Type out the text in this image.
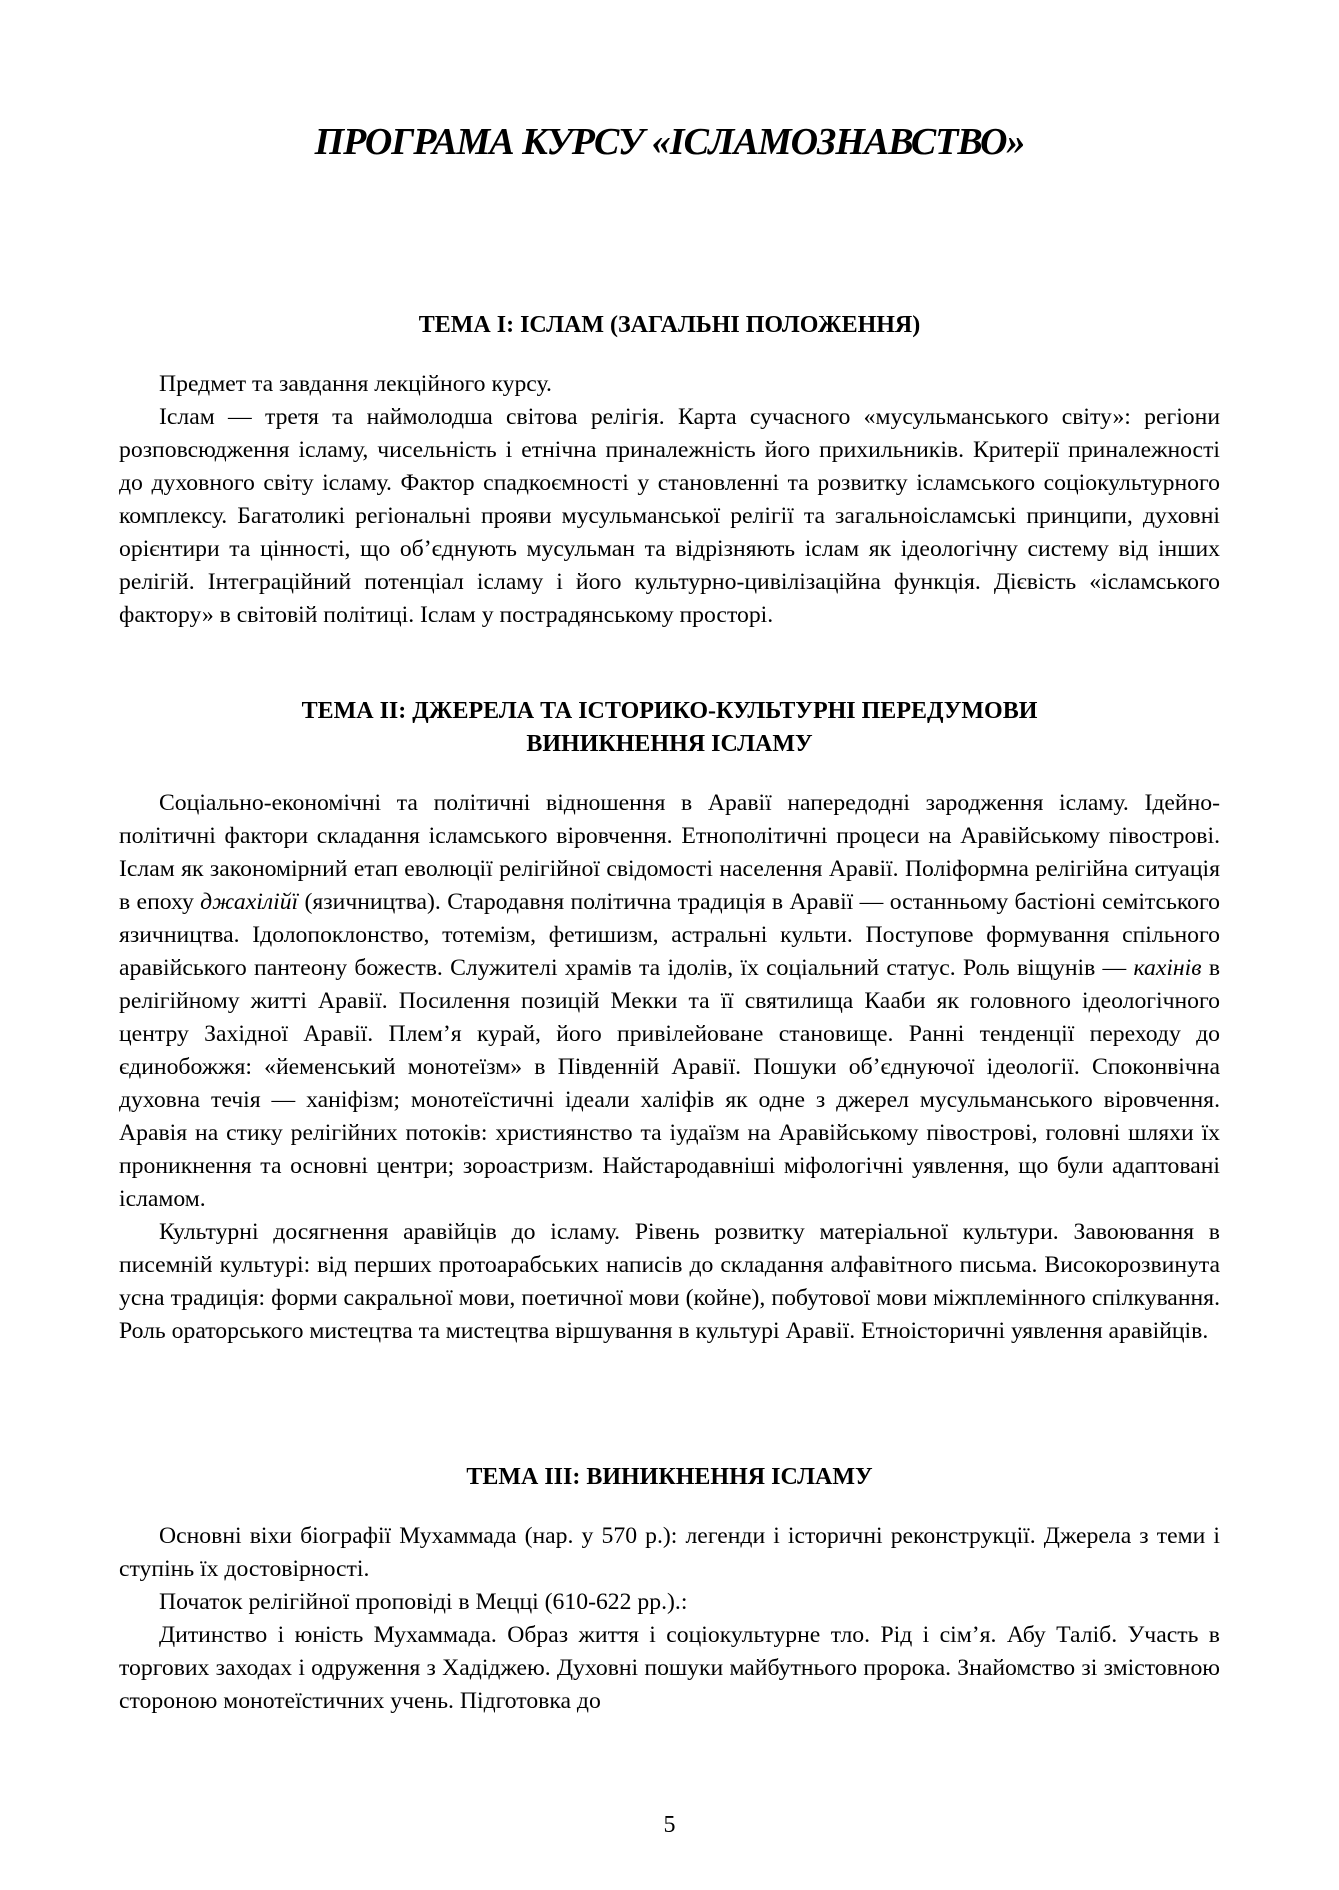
ПРОГРАМА КУРСУ «ІСЛАМОЗНАВСТВО»
ТЕМА І: ІСЛАМ (ЗАГАЛЬНІ ПОЛОЖЕННЯ)

Предмет та завдання лекційного курсу.

Іслам — третя та наймолодша світова релігія. Карта сучасного «мусульманського світу»: регіони розповсюдження ісламу, чисельність і етнічна приналежність його прихильників. Критерії приналежності до духовного світу ісламу. Фактор спадкоємності у становленні та розвитку ісламського соціокультурного комплексу. Багатоликі регіональні прояви мусульманської релігії та загальноісламські принципи, духовні орієнтири та цінності, що об’єднують мусульман та відрізняють іслам як ідеологічну систему від інших релігій. Інтеграційний потенціал ісламу і його культурно-цивілізаційна функція. Дієвість «ісламського фактору» в світовій політиці. Іслам у пострадянському просторі.

ТЕМА ІІ: ДЖЕРЕЛА ТА ІСТОРИКО-КУЛЬТУРНІ ПЕРЕДУМОВИ
ВИНИКНЕННЯ ІСЛАМУ

Соціально-економічні та політичні відношення в Аравії напередодні зародження ісламу. Ідейно-політичні фактори складання ісламського віровчення. Етнополітичні процеси на Аравійському півострові. Іслам як закономірний етап еволюції релігійної свідомості населення Аравії. Поліформна релігійна ситуація в епоху джахілійї (язичництва). Стародавня політична традиція в Аравії — останньому бастіоні семітського язичництва. Ідолопоклонство, тотемізм, фетишизм, астральні культи. Поступове формування спільного аравійського пантеону божеств. Служителі храмів та ідолів, їх соціальний статус. Роль віщунів — кахінів в релігійному житті Аравії. Посилення позицій Мекки та її святилища Кааби як головного ідеологічного центру Західної Аравії. Плем’я курай, його привілейоване становище. Ранні тенденції переходу до єдинобожжя: «йеменський монотеїзм» в Південній Аравії. Пошуки об’єднуючої ідеології. Споконвічна духовна течія — ханіфізм; монотеїстичні ідеали халіфів як одне з джерел мусульманського віровчення. Аравія на стику релігійних потоків: християнство та іудаїзм на Аравійському півострові, головні шляхи їх проникнення та основні центри; зороастризм. Найстародавніші міфологічні уявлення, що були адаптовані ісламом.

Культурні досягнення аравійців до ісламу. Рівень розвитку матеріальної культури. Завоювання в писемній культурі: від перших протоарабських написів до складання алфавітного письма. Високорозвинута усна традиція: форми сакральної мови, поетичної мови (койне), побутової мови міжплемінного спілкування. Роль ораторського мистецтва та мистецтва віршування в культурі Аравії. Етноісторичні уявлення аравійців.

ТЕМА ІІІ: ВИНИКНЕННЯ ІСЛАМУ

Основні віхи біографії Мухаммада (нар. у 570 р.): легенди і історичні реконструкції. Джерела з теми і ступінь їх достовірності.

Початок релігійної проповіді в Мецці (610-622 рр.).:

Дитинство і юність Мухаммада. Образ життя і соціокультурне тло. Рід і сім’я. Абу Таліб. Участь в торгових заходах і одруження з Хадіджею. Духовні пошуки майбутнього пророка. Знайомство зі змістовною стороною монотеїстичних учень. Підготовка до

5
